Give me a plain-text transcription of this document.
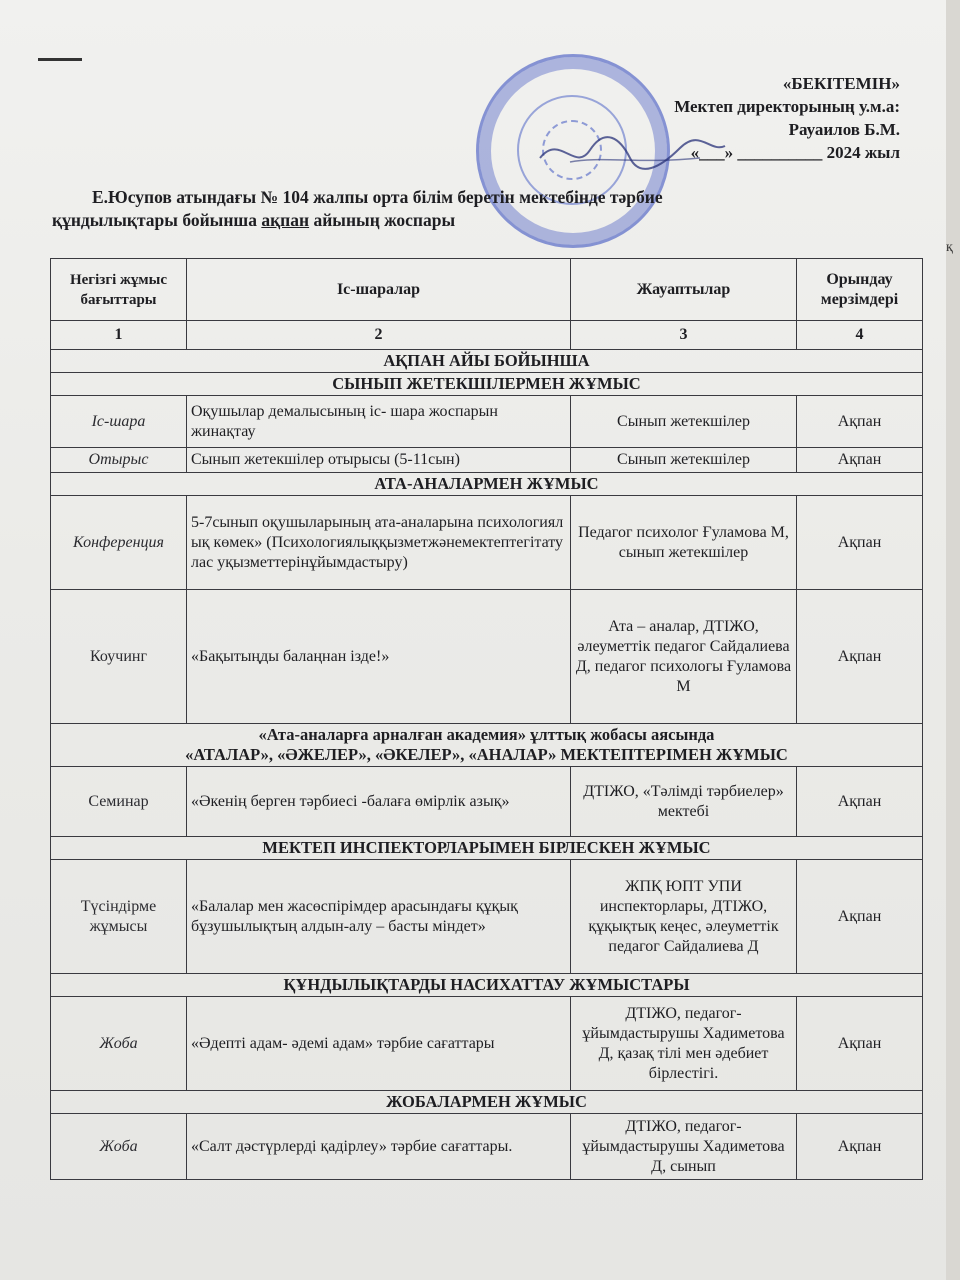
«БЕКІТЕМІН»
Мектеп директорының у.м.а:
Рауаилов Б.М.
«___» __________ 2024 жыл
Е.Юсупов атындағы № 104 жалпы орта білім беретін мектебінде тәрбие
құндылықтары бойынша ақпан айының жоспары
Негізгі жұмыс бағыттары	Іс-шаралар	Жауаптылар	Орындау мерзімдері
1	2	3	4
АҚПАН АЙЫ БОЙЫНША			
СЫНЫП ЖЕТЕКШІЛЕРМЕН ЖҰМЫС			
Іс-шара	Оқушылар демалысының іс- шара жоспарын жинақтау	Сынып жетекшілер	Ақпан
Отырыс	Сынып жетекшілер отырысы (5-11сын)	Сынып жетекшілер	Ақпан
АТА-АНАЛАРМЕН ЖҰМЫС			
Конференция	5-7сынып оқушыларының ата-аналарына психологиялық көмек» (Психологиялыққызметжәнемектептегітатулас уқызметтерінұйымдастыру)	Педагог психолог Ғуламова М, сынып жетекшілер	Ақпан
Коучинг	«Бақытыңды балаңнан ізде!»	Ата – аналар, ДТІЖО, әлеуметтік педагог Сайдалиева Д, педагог психологы Ғуламова М	Ақпан

«Ата-аналарға арналған академия» ұлттық жобасы аясында
«АТАЛАР», «ӘЖЕЛЕР», «ӘКЕЛЕР», «АНАЛАР» МЕКТЕПТЕРІМЕН ЖҰМЫС			

Семинар	«Әкенің берген тәрбиесі -балаға өмірлік азық»	ДТІЖО, «Тәлімді тәрбиелер» мектебі	Ақпан
МЕКТЕП ИНСПЕКТОРЛАРЫМЕН БІРЛЕСКЕН ЖҰМЫС			
Түсіндірме жұмысы	«Балалар мен жасөспірімдер арасындағы құқық бұзушылықтың алдын-алу – басты міндет»	ЖПҚ ЮПТ УПИ инспекторлары, ДТІЖО, құқықтық кеңес, әлеуметтік педагог Сайдалиева Д	Ақпан
ҚҰНДЫЛЫҚТАРДЫ НАСИХАТТАУ ЖҰМЫСТАРЫ			
Жоба	«Әдепті адам- әдемі адам» тәрбие сағаттары	ДТІЖО, педагог-ұйымдастырушы Хадиметова Д, қазақ тілі мен әдебиет бірлестігі.	Ақпан
ЖОБАЛАРМЕН ЖҰМЫС			
Жоба	«Салт дәстүрлерді қадірлеу» тәрбие сағаттары.	ДТІЖО, педагог-ұйымдастырушы Хадиметова Д, сынып	Ақпан
қ
